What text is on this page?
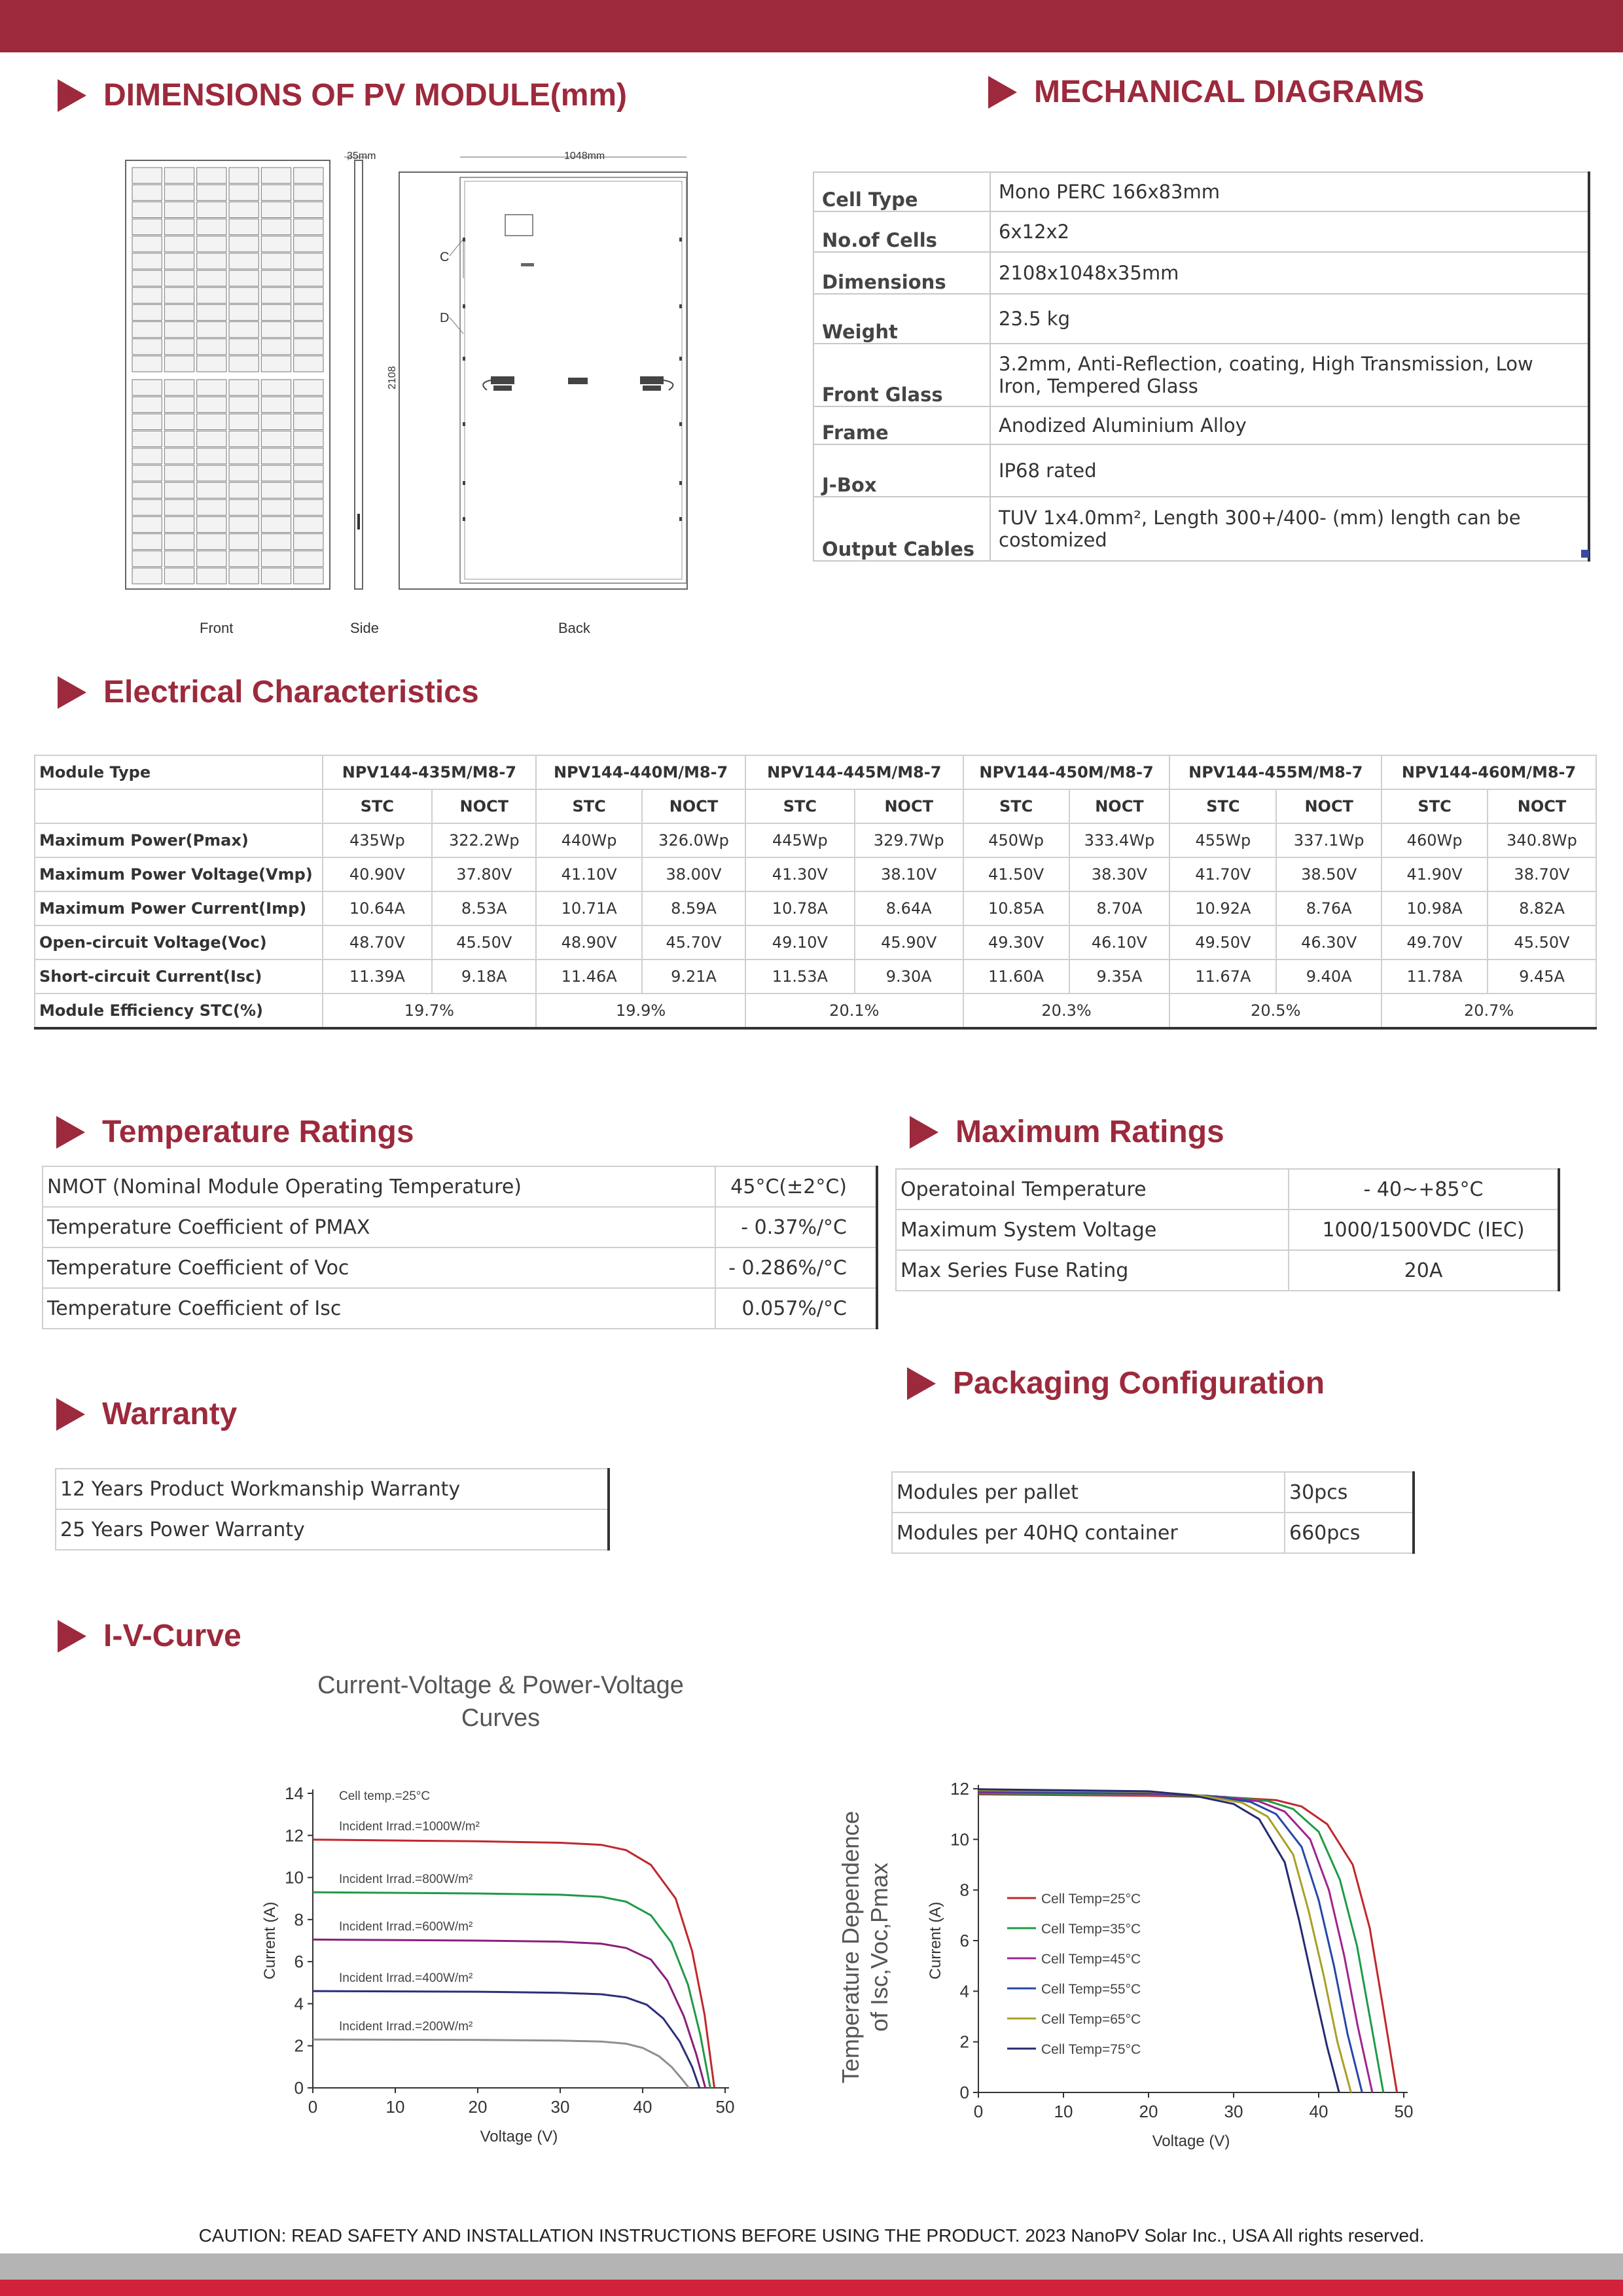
DIMENSIONS OF PV MODULE(mm)	MECHANICAL DIAGRAMS
35mm	1048mm
2108
C
D
Front	Side	Back
Cell Type	Mono PERC 166x83mm
No.of Cells	6x12x2
Dimensions	2108x1048x35mm
Weight	23.5 kg
Front Glass	3.2mm, Anti-Reflection, coating, High Transmission, Low Iron, Tempered Glass
Frame	Anodized Aluminium Alloy
J-Box	IP68 rated
Output Cables	TUV 1x4.0mm², Length 300+/400- (mm) length can be costomized
Electrical Characteristics
Module Type	NPV144-435M/M8-7		NPV144-440M/M8-7		NPV144-445M/M8-7		NPV144-450M/M8-7		NPV144-455M/M8-7		NPV144-460M/M8-7	
	STC	NOCT	STC	NOCT	STC	NOCT	STC	NOCT	STC	NOCT	STC	NOCT
Maximum Power(Pmax)	435Wp	322.2Wp	440Wp	326.0Wp	445Wp	329.7Wp	450Wp	333.4Wp	455Wp	337.1Wp	460Wp	340.8Wp
Maximum Power Voltage(Vmp)	40.90V	37.80V	41.10V	38.00V	41.30V	38.10V	41.50V	38.30V	41.70V	38.50V	41.90V	38.70V
Maximum Power Current(Imp)	10.64A	8.53A	10.71A	8.59A	10.78A	8.64A	10.85A	8.70A	10.92A	8.76A	10.98A	8.82A
Open-circuit Voltage(Voc)	48.70V	45.50V	48.90V	45.70V	49.10V	45.90V	49.30V	46.10V	49.50V	46.30V	49.70V	45.50V
Short-circuit Current(Isc)	11.39A	9.18A	11.46A	9.21A	11.53A	9.30A	11.60A	9.35A	11.67A	9.40A	11.78A	9.45A
Module Efficiency STC(%)	19.7%		19.9%		20.1%		20.3%		20.5%		20.7%	
Temperature Ratings
NMOT (Nominal Module Operating Temperature)	45°C(±2°C)
Temperature Coefficient of PMAX	- 0.37%/°C
Temperature Coefficient of Voc	- 0.286%/°C
Temperature Coefficient of Isc	0.057%/°C
Maximum Ratings
Operatoinal Temperature	- 40~+85°C
Maximum System Voltage	1000/1500VDC (IEC)
Max Series Fuse Rating	20A
Warranty
12 Years Product Workmanship Warranty
25 Years Power Warranty
Packaging Configuration
Modules per pallet	30pcs
Modules per 40HQ container	660pcs
I-V-Curve
Current-Voltage & Power-Voltage
Curves
Temperature Dependence of Isc,Voc,Pmax
0
2
4
6
8
10
12
14
0	10	20	30	40	50
Voltage (V)
Current (A)
Incident Irrad.=1000W/m²
Incident Irrad.=800W/m²
Incident Irrad.=600W/m²
Incident Irrad.=400W/m²
Incident Irrad.=200W/m²
Cell temp.=25°C
0
2
4
6
8
10
12
0	10	20	30	40	50
Voltage (V)
Current (A)
Cell Temp=25°C
Cell Temp=35°C
Cell Temp=45°C
Cell Temp=55°C
Cell Temp=65°C
Cell Temp=75°C
CAUTION: READ SAFETY AND INSTALLATION INSTRUCTIONS BEFORE USING THE PRODUCT. 2023 NanoPV Solar Inc., USA All rights reserved.
